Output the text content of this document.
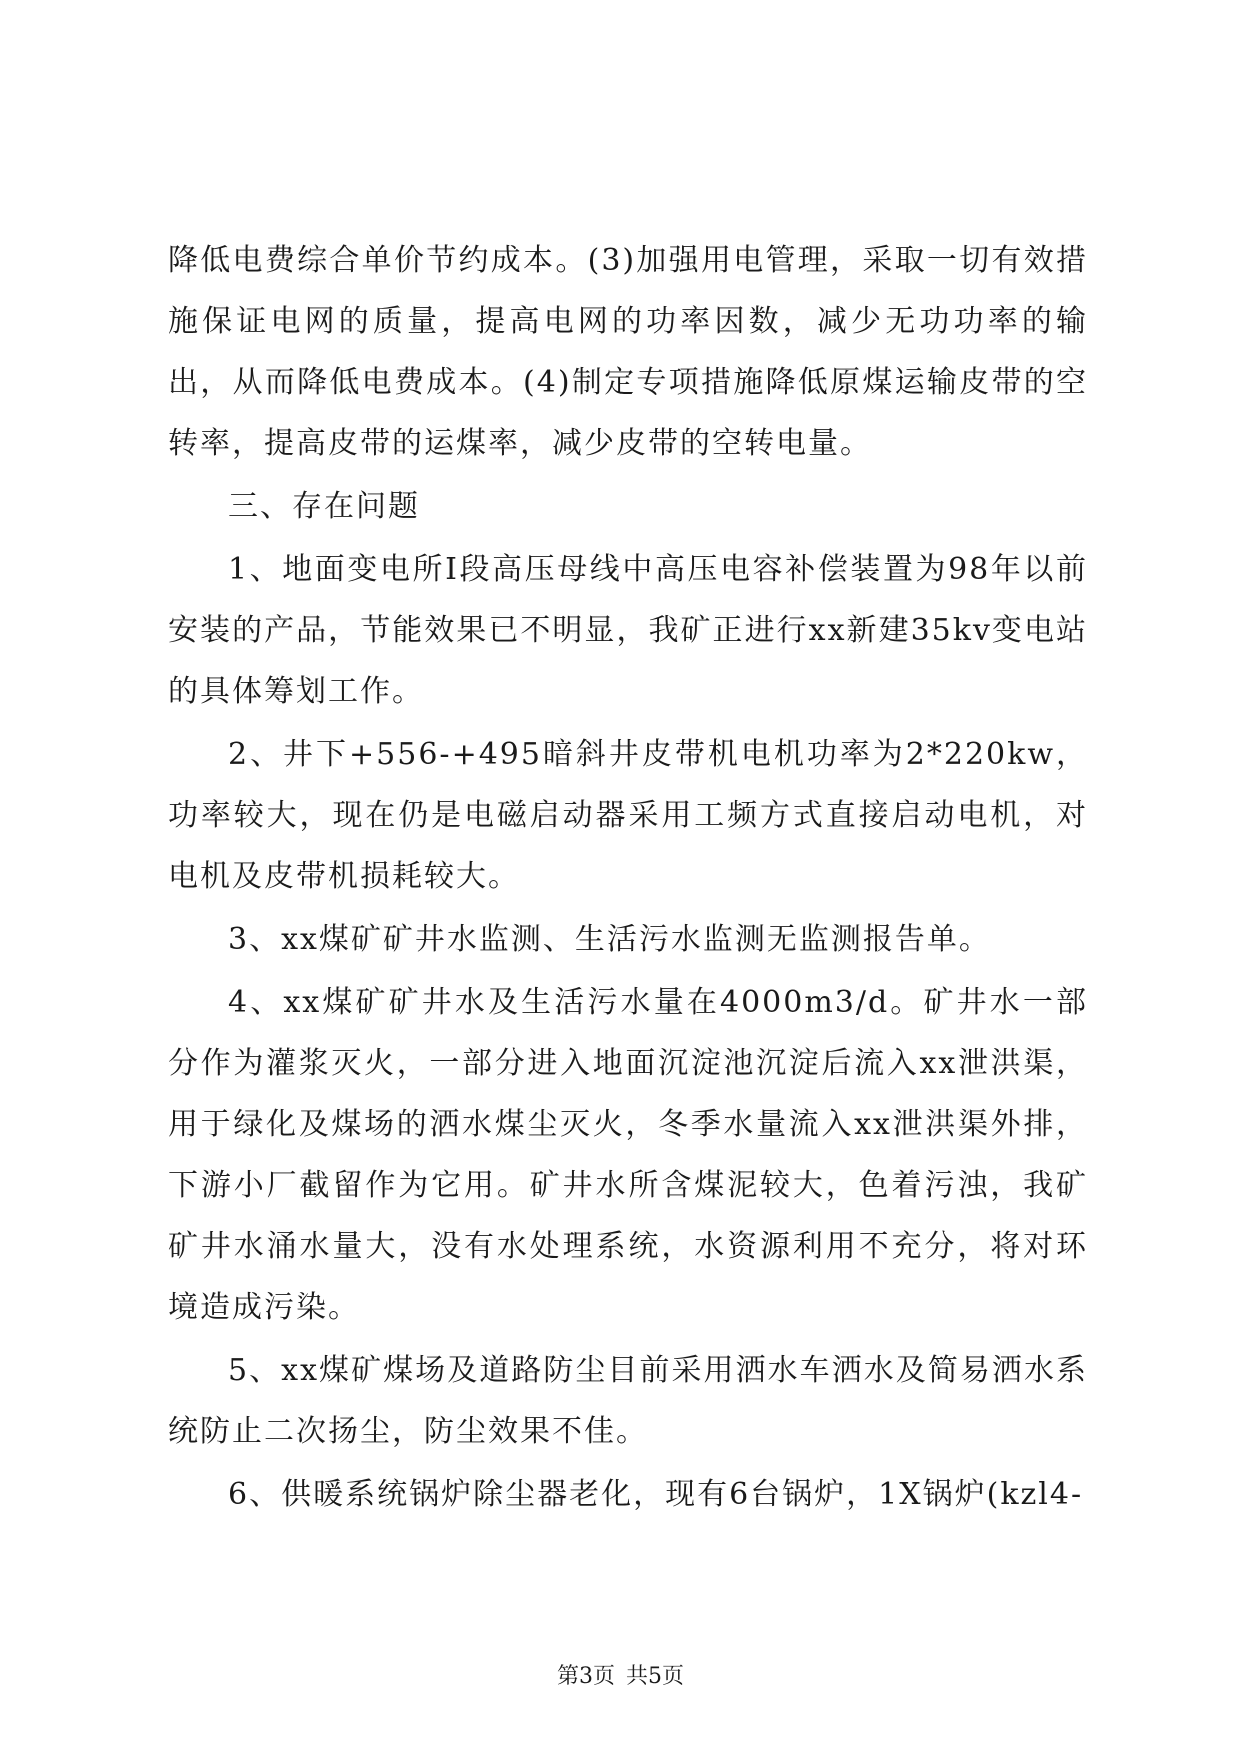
降低电费综合单价节约成本。(3)加强用电管理，采取一切有效措施保证电网的质量，提高电网的功率因数，减少无功功率的输出，从而降低电费成本。(4)制定专项措施降低原煤运输皮带的空转率，提高皮带的运煤率，减少皮带的空转电量。

三、存在问题

1、地面变电所Ⅰ段高压母线中高压电容补偿装置为98年以前安装的产品，节能效果已不明显，我矿正进行xx新建35kv变电站的具体筹划工作。

2、井下+556-+495暗斜井皮带机电机功率为2*220kw，功率较大，现在仍是电磁启动器采用工频方式直接启动电机，对电机及皮带机损耗较大。

3、xx煤矿矿井水监测、生活污水监测无监测报告单。

4、xx煤矿矿井水及生活污水量在4000m3/d。矿井水一部分作为灌浆灭火，一部分进入地面沉淀池沉淀后流入xx泄洪渠，用于绿化及煤场的洒水煤尘灭火，冬季水量流入xx泄洪渠外排，下游小厂截留作为它用。矿井水所含煤泥较大，色着污浊，我矿矿井水涌水量大，没有水处理系统，水资源利用不充分，将对环境造成污染。

5、xx煤矿煤场及道路防尘目前采用洒水车洒水及简易洒水系统防止二次扬尘，防尘效果不佳。

6、供暖系统锅炉除尘器老化，现有6台锅炉，1X锅炉(kzl4-

第3页 共5页
